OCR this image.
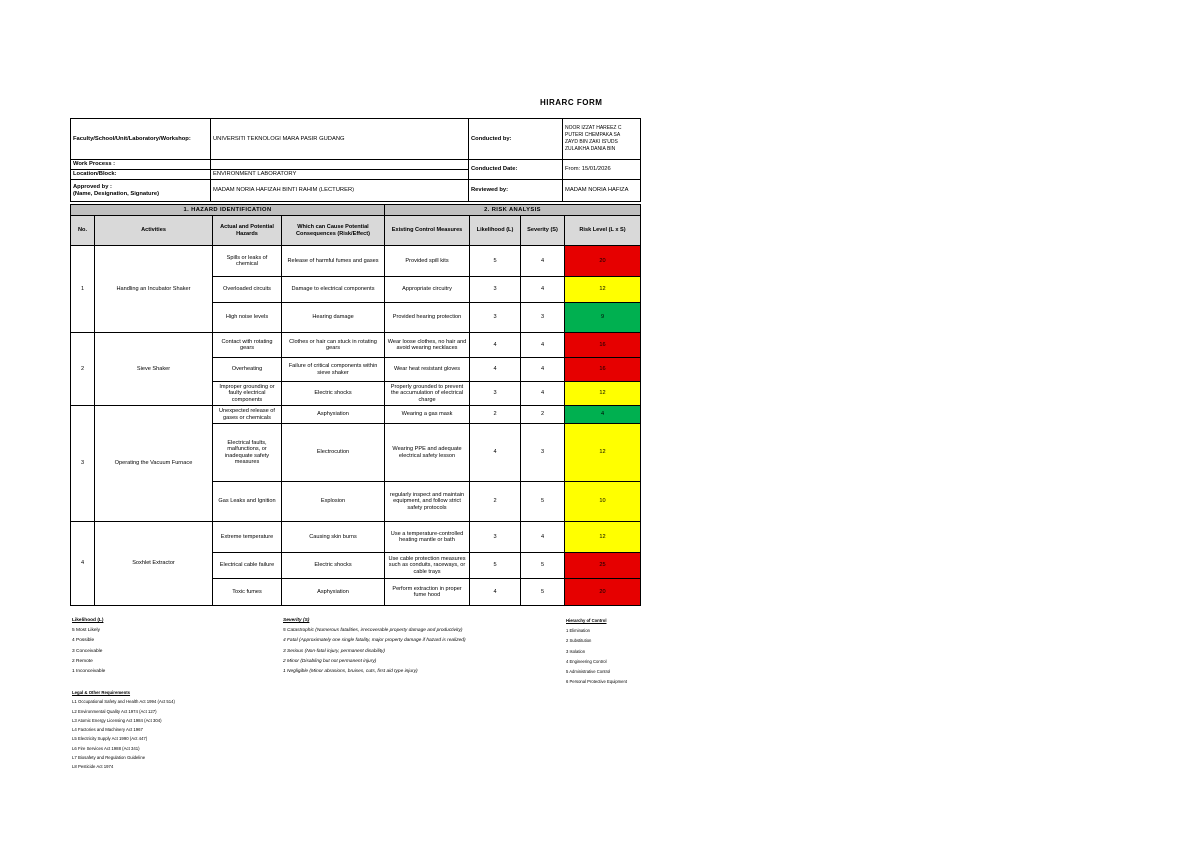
HIRARC FORM
Faculty/School/Unit/Laboratory/Workshop:	UNIVERSITI TEKNOLOGI MARA PASIR GUDANG	Conducted by:	NOOR IZZAT HAREEZ C
PUTERI CHEMPAKA SA
ZAYD BIN ZAKI IS'UDS
ZULAIKHA DANIA BIN

Work Process :		Conducted Date:	From: 15/01/2026
Location/Block:	ENVIRONMENT LABORATORY		

Approved by :
(Name, Designation, Signature)	MADAM NORIA HAFIZAH BINTI RAHIM (LECTURER)	Reviewed by:	MADAM NORIA HAFIZA
1. HAZARD IDENTIFICATION				2. RISK ANALYSIS			
No.	Activities	Actual and Potential Hazards	Which can Cause Potential Consequences (Risk/Effect)	Existing Control Measures	Likelihood (L)	Severity (S)	Risk Level (L x S)
1	Handling an Incubator Shaker	Spills or leaks of chemical	Release of harmful fumes and gases	Provided spill kits	5	4	20
		Overloaded circuits	Damage to electrical components	Appropriate circuitry	3	4	12
		High noise levels	Hearing damage	Provided hearing protection	3	3	9
2	Sieve Shaker	Contact with rotating gears	Clothes or hair can stuck in rotating gears	Wear loose clothes, no hair and avoid wearing necklaces	4	4	16
		Overheating	Failure of critical components within sieve shaker	Wear heat resistant gloves	4	4	16
		Improper grounding or faulty electrical components	Electric shocks	Properly grounded to prevent the accumulation of electrical charge	3	4	12
3	Operating the Vacuum Furnace	Unexpected release of gases or chemicals	Asphyxiation	Wearing a gas mask	2	2	4
		Electrical faults, malfunctions, or inadequate safety measures	Electrocution	Wearing PPE and adequate electrical safety lesson	4	3	12
		Gas Leaks and Ignition	Explosion	regularly inspect and maintain equipment, and follow strict safety protocols	2	5	10
4	Soxhlet Extractor	Extreme temperature	Causing skin burns	Use a temperature-controlled heating mantle or bath	3	4	12
		Electrical cable failure	Electric shocks	Use cable protection measures such as conduits, raceways, or cable trays	5	5	25
		Toxic fumes	Asphyxiation	Perform extraction in proper fume hood	4	5	20
Likelihood (L)
5 Most Likely
4 Possible
3 Conceivable
2 Remote
1 Inconceivable
Severity (S)
5 Catastrophic (Numerous fatalities, irrecoverable property damage and productivity)
4 Fatal (Approximately one single fatality, major property damage if hazard is realized)
3 Serious (Non-fatal injury, permanent disability)
2 Minor (Disabling but not permanent injury)
1 Negligible (Minor abrasions, bruises, cuts, first aid type injury)
Hierarchy of Control
1 Elimination
2 Substitution
3 Isolation
4 Engineering Control
5 Administrative Control
6 Personal Protective Equipment
Legal & Other Requirements
L1 Occupational Safety and Health Act 1994 (Act 514)
L2 Environmental Quality Act 1974 (Act 127)
L3 Atomic Energy Licensing Act 1984 (Act 304)
L4 Factories and Machinery Act 1967
L5 Electricity Supply Act 1990 (Act 447)
L6 Fire Services Act 1988 (Act 341)
L7 Biosafety and Regulation Guideline
L8 Pesticide Act 1974
